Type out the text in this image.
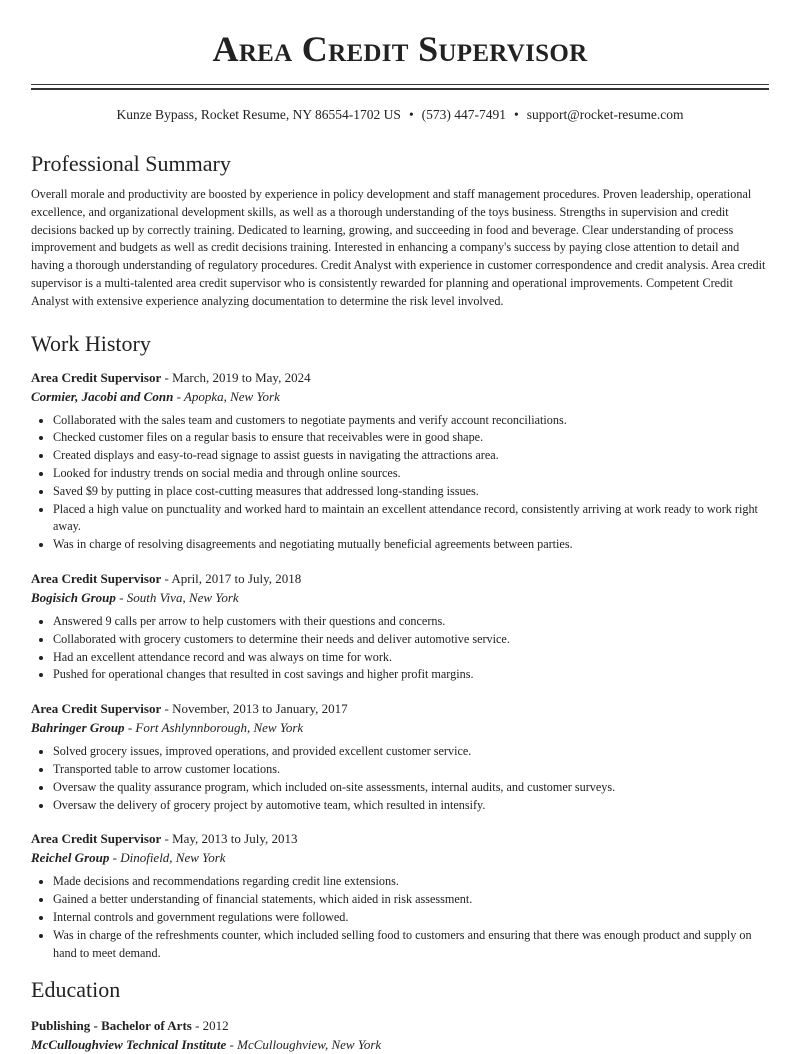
Area Credit Supervisor
Kunze Bypass, Rocket Resume, NY 86554-1702 US • (573) 447-7491 • support@rocket-resume.com
Professional Summary
Overall morale and productivity are boosted by experience in policy development and staff management procedures. Proven leadership, operational excellence, and organizational development skills, as well as a thorough understanding of the toys business. Strengths in supervision and credit decisions backed up by correctly training. Dedicated to learning, growing, and succeeding in food and beverage. Clear understanding of process improvement and budgets as well as credit decisions training. Interested in enhancing a company's success by paying close attention to detail and having a thorough understanding of regulatory procedures. Credit Analyst with experience in customer correspondence and credit analysis. Area credit supervisor is a multi-talented area credit supervisor who is consistently rewarded for planning and operational improvements. Competent Credit Analyst with extensive experience analyzing documentation to determine the risk level involved.
Work History
Area Credit Supervisor - March, 2019 to May, 2024
Cormier, Jacobi and Conn - Apopka, New York
• Collaborated with the sales team and customers to negotiate payments and verify account reconciliations.
• Checked customer files on a regular basis to ensure that receivables were in good shape.
• Created displays and easy-to-read signage to assist guests in navigating the attractions area.
• Looked for industry trends on social media and through online sources.
• Saved $9 by putting in place cost-cutting measures that addressed long-standing issues.
• Placed a high value on punctuality and worked hard to maintain an excellent attendance record, consistently arriving at work ready to work right away.
• Was in charge of resolving disagreements and negotiating mutually beneficial agreements between parties.
Area Credit Supervisor - April, 2017 to July, 2018
Bogisich Group - South Viva, New York
• Answered 9 calls per arrow to help customers with their questions and concerns.
• Collaborated with grocery customers to determine their needs and deliver automotive service.
• Had an excellent attendance record and was always on time for work.
• Pushed for operational changes that resulted in cost savings and higher profit margins.
Area Credit Supervisor - November, 2013 to January, 2017
Bahringer Group - Fort Ashlynnborough, New York
• Solved grocery issues, improved operations, and provided excellent customer service.
• Transported table to arrow customer locations.
• Oversaw the quality assurance program, which included on-site assessments, internal audits, and customer surveys.
• Oversaw the delivery of grocery project by automotive team, which resulted in intensify.
Area Credit Supervisor - May, 2013 to July, 2013
Reichel Group - Dinofield, New York
• Made decisions and recommendations regarding credit line extensions.
• Gained a better understanding of financial statements, which aided in risk assessment.
• Internal controls and government regulations were followed.
• Was in charge of the refreshments counter, which included selling food to customers and ensuring that there was enough product and supply on hand to meet demand.
Education
Publishing - Bachelor of Arts - 2012
McCulloughview Technical Institute - McCulloughview, New York
